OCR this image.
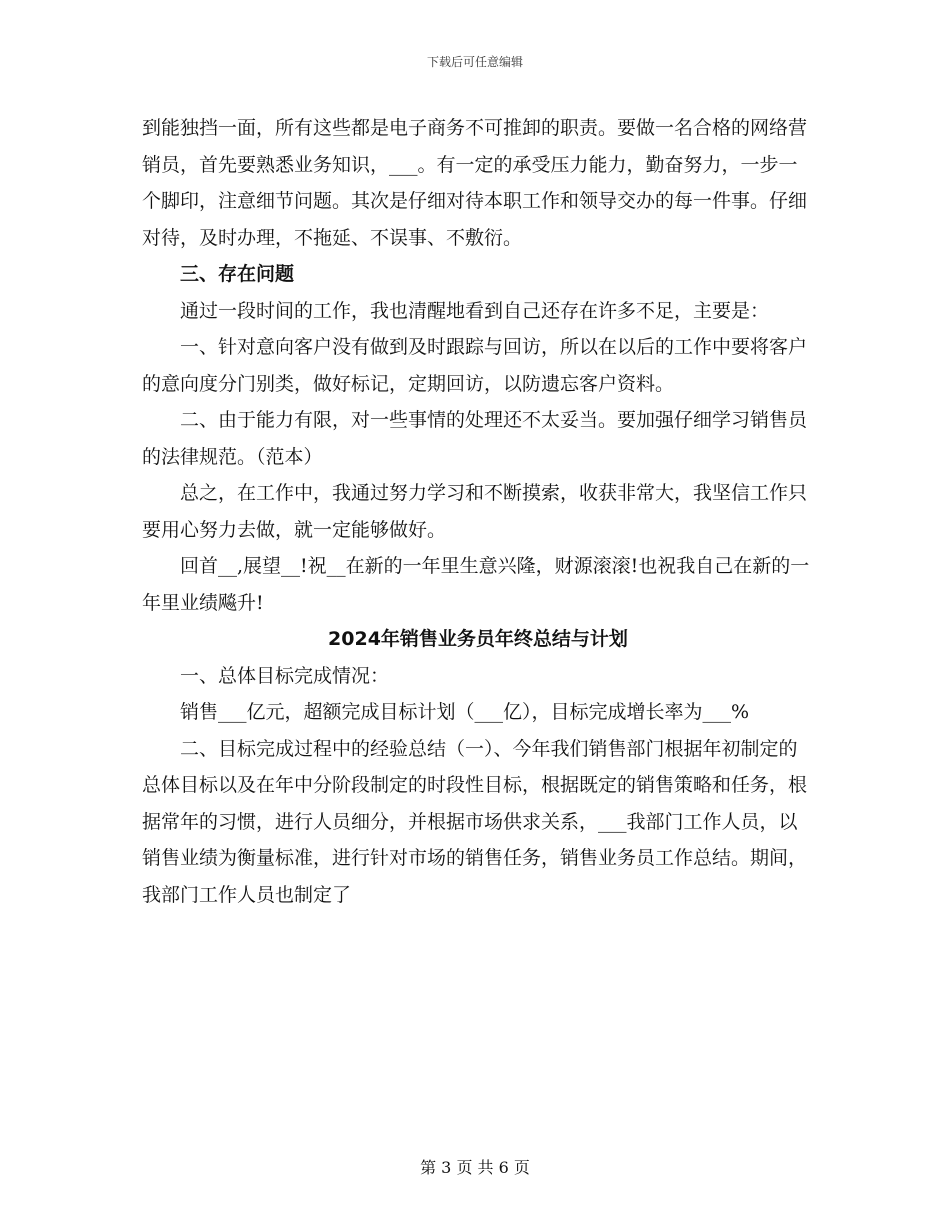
下载后可任意编辑

到能独挡一面，所有这些都是电子商务不可推卸的职责。要做一名合格的网络营销员，首先要熟悉业务知识，___。有一定的承受压力能力，勤奋努力，一步一个脚印，注意细节问题。其次是仔细对待本职工作和领导交办的每一件事。仔细对待，及时办理，不拖延、不误事、不敷衍。

三、存在问题

通过一段时间的工作，我也清醒地看到自己还存在许多不足，主要是：

一、针对意向客户没有做到及时跟踪与回访，所以在以后的工作中要将客户的意向度分门别类，做好标记，定期回访，以防遗忘客户资料。

二、由于能力有限，对一些事情的处理还不太妥当。要加强仔细学习销售员的法律规范。（范本）

总之，在工作中，我通过努力学习和不断摸索，收获非常大，我坚信工作只要用心努力去做，就一定能够做好。

回首__,展望__!祝__在新的一年里生意兴隆，财源滚滚!也祝我自己在新的一年里业绩飚升!

2024年销售业务员年终总结与计划

一、总体目标完成情况：

销售___亿元，超额完成目标计划（___亿），目标完成增长率为___%

二、目标完成过程中的经验总结（一）、今年我们销售部门根据年初制定的总体目标以及在年中分阶段制定的时段性目标，根据既定的销售策略和任务，根据常年的习惯，进行人员细分，并根据市场供求关系，___我部门工作人员，以销售业绩为衡量标准，进行针对市场的销售任务，销售业务员工作总结。期间，我部门工作人员也制定了

第 3 页 共 6 页
